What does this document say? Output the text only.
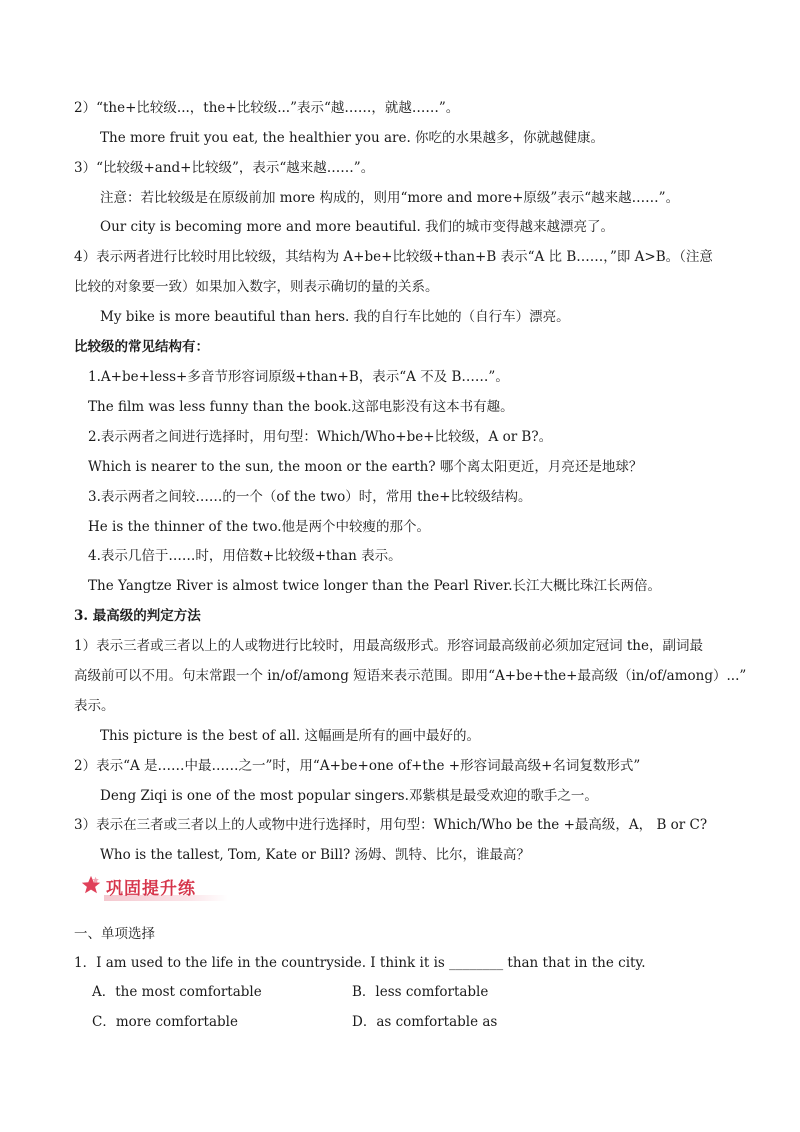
2）“the+比较级...，the+比较级...”表示“越……，就越……”。
The more fruit you eat, the healthier you are. 你吃的水果越多，你就越健康。
3）“比较级+and+比较级”，表示“越来越……”。
注意：若比较级是在原级前加 more 构成的，则用“more and more+原级”表示“越来越……”。
Our city is becoming more and more beautiful. 我们的城市变得越来越漂亮了。
4）表示两者进行比较时用比较级，其结构为 A+be+比较级+than+B 表示“A 比 B……，”即 A>B。（注意
比较的对象要一致）如果加入数字，则表示确切的量的关系。
My bike is more beautiful than hers. 我的自行车比她的（自行车）漂亮。
比较级的常见结构有：
1.A+be+less+多音节形容词原级+than+B，表示“A 不及 B……”。
The film was less funny than the book.这部电影没有这本书有趣。
2.表示两者之间进行选择时，用句型：Which/Who+be+比较级，A or B?。
Which is nearer to the sun, the moon or the earth? 哪个离太阳更近，月亮还是地球？
3.表示两者之间较……的一个（of the two）时，常用 the+比较级结构。
He is the thinner of the two.他是两个中较瘦的那个。
4.表示几倍于……时，用倍数+比较级+than 表示。
The Yangtze River is almost twice longer than the Pearl River.长江大概比珠江长两倍。
3. 最高级的判定方法
1）表示三者或三者以上的人或物进行比较时，用最高级形式。形容词最高级前必须加定冠词 the，副词最
高级前可以不用。句末常跟一个 in/of/among 短语来表示范围。即用“A+be+the+最高级（in/of/among）...”
表示。
This picture is the best of all. 这幅画是所有的画中最好的。
2）表示“A 是……中最……之一”时，用“A+be+one of+the +形容词最高级+名词复数形式”
Deng Ziqi is one of the most popular singers.邓紫棋是最受欢迎的歌手之一。
3）表示在三者或三者以上的人或物中进行选择时，用句型：Which/Who be the +最高级，A， B or C?
Who is the tallest, Tom, Kate or Bill? 汤姆、凯特、比尔，谁最高？
巩固提升练
一、单项选择
1．I am used to the life in the countryside. I think it is ________ than that in the city.
A．the most comfortable	B．less comfortable
C．more comfortable	D．as comfortable as
